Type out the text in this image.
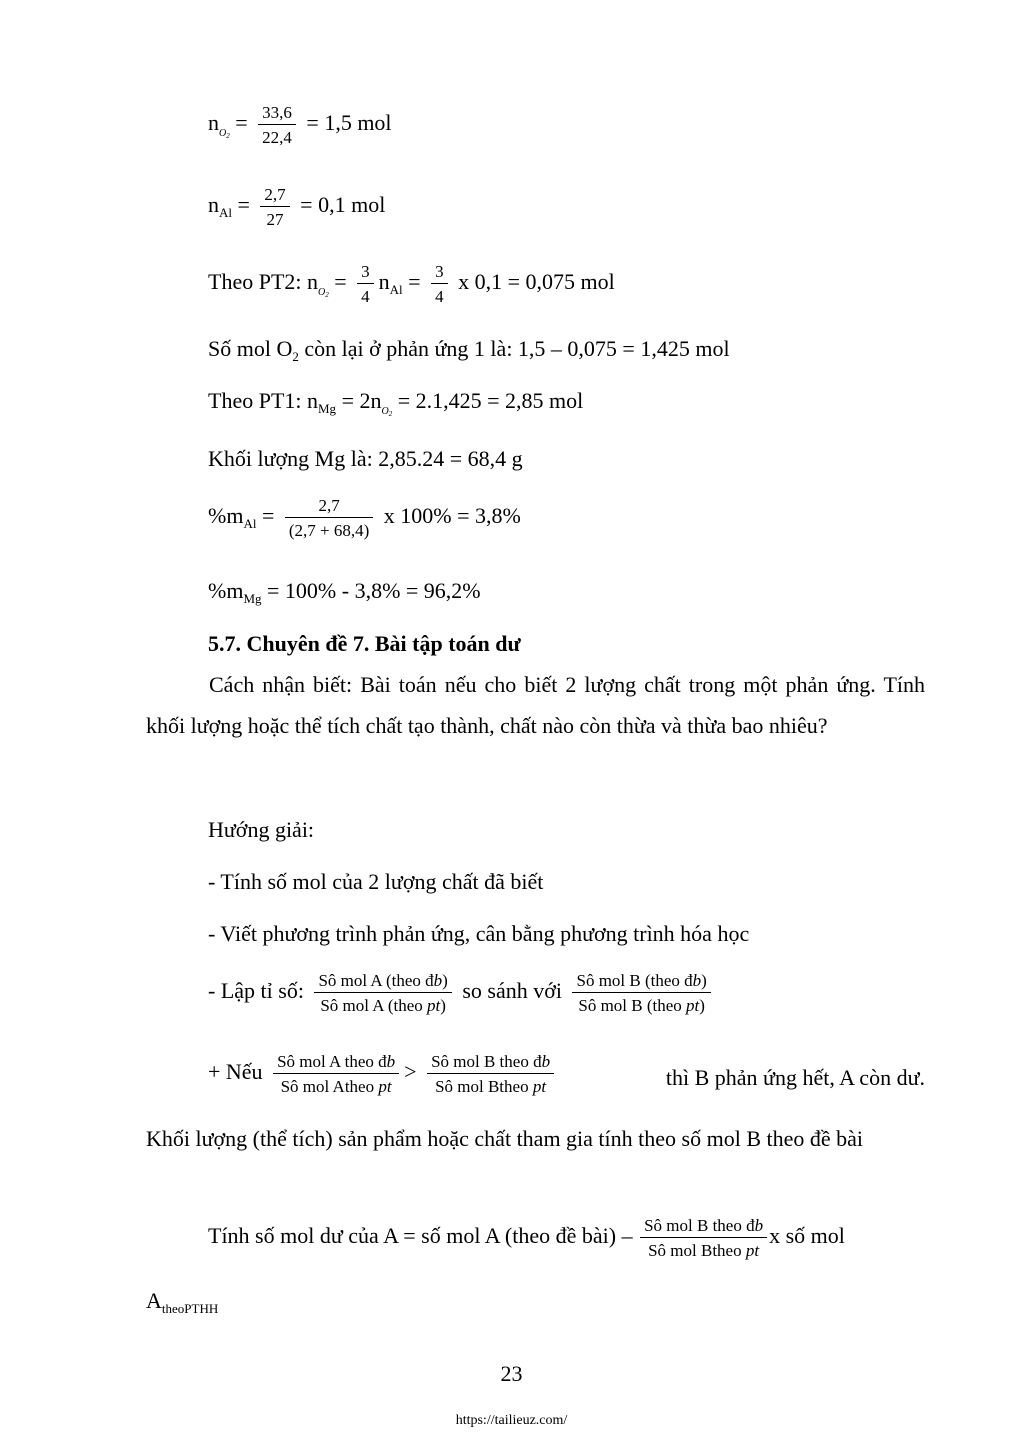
$n_{O_2} = \frac{33,6}{22,4} = 1,5$ mol
$n_{Al} = \frac{2,7}{27} = 0,1$ mol
Theo PT2: $n_{O_2} = \frac{3}{4} n_{Al} = \frac{3}{4}$ x 0,1 = 0,075 mol
Số mol $O_2$ còn lại ở phản ứng 1 là: 1,5 – 0,075 = 1,425 mol
Theo PT1: $n_{Mg} = 2n_{O_2} = 2.1,425 = 2,85$ mol
Khối lượng Mg là: 2,85.24 = 68,4 g
$\%m_{Al} = \frac{2,7}{(2,7 + 68,4)}$ x 100% = 3,8%
$\%m_{Mg} = 100\% - 3,8\% = 96,2\%$
5.7. Chuyên đề 7. Bài tập toán dư
Cách nhận biết: Bài toán nếu cho biết 2 lượng chất trong một phản ứng. Tính khối lượng hoặc thể tích chất tạo thành, chất nào còn thừa và thừa bao nhiêu?
Hướng giải:
- Tính số mol của 2 lượng chất đã biết
- Viết phương trình phản ứng, cân bằng phương trình hóa học
- Lập tỉ số: $\frac{\text{Sô mol A (theo đb)}}{\text{Sô mol A (theo pt)}}$ so sánh với $\frac{\text{Sô mol B (theo đb)}}{\text{Sô mol B (theo pt)}}$
+ Nếu $\frac{\text{Sô mol A theo đb}}{\text{Sô mol Atheo pt}} > \frac{\text{Sô mol B theo đb}}{\text{Sô mol Btheo pt}}$	thì B phản ứng hết, A còn dư.
Khối lượng (thể tích) sản phẩm hoặc chất tham gia tính theo số mol B theo đề bài
Tính số mol dư của A = số mol A (theo đề bài) – $\frac{\text{Sô mol B theo đb}}{\text{Sô mol Btheo pt}}$ x số mol
$A_{theoPTHH}$
23
https://tailieuz.com/
